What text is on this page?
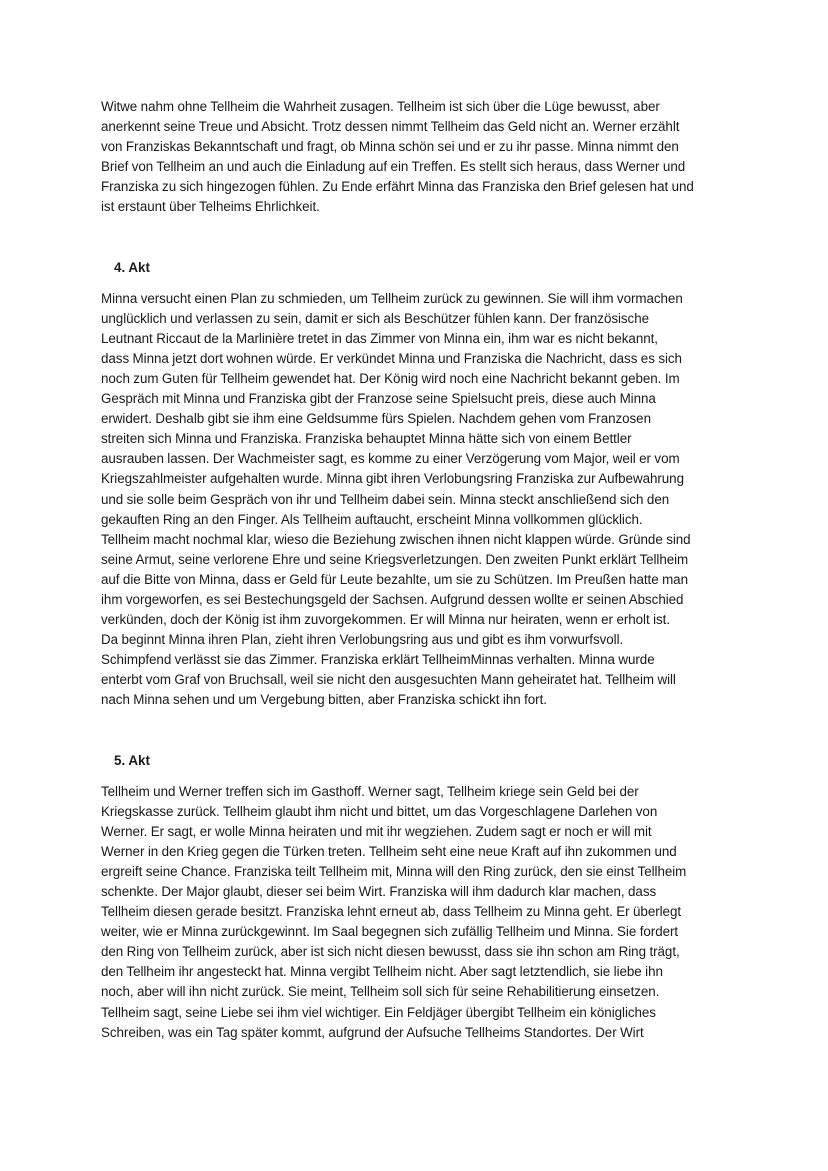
Witwe nahm ohne Tellheim die Wahrheit zusagen. Tellheim ist sich über die Lüge bewusst, aber
anerkennt seine Treue und Absicht. Trotz dessen nimmt Tellheim das Geld nicht an. Werner erzählt
von Franziskas Bekanntschaft und fragt, ob Minna schön sei und er zu ihr passe. Minna nimmt den
Brief von Tellheim an und auch die Einladung auf ein Treffen. Es stellt sich heraus, dass Werner und
Franziska zu sich hingezogen fühlen. Zu Ende erfährt Minna das Franziska den Brief gelesen hat und
ist erstaunt über Telheims Ehrlichkeit.

4. Akt

Minna versucht einen Plan zu schmieden, um Tellheim zurück zu gewinnen. Sie will ihm vormachen
unglücklich und verlassen zu sein, damit er sich als Beschützer fühlen kann. Der französische
Leutnant Riccaut de la Marlinière tretet in das Zimmer von Minna ein, ihm war es nicht bekannt,
dass Minna jetzt dort wohnen würde. Er verkündet Minna und Franziska die Nachricht, dass es sich
noch zum Guten für Tellheim gewendet hat. Der König wird noch eine Nachricht bekannt geben. Im
Gespräch mit Minna und Franziska gibt der Franzose seine Spielsucht preis, diese auch Minna
erwidert. Deshalb gibt sie ihm eine Geldsumme fürs Spielen. Nachdem gehen vom Franzosen
streiten sich Minna und Franziska. Franziska behauptet Minna hätte sich von einem Bettler
ausrauben lassen. Der Wachmeister sagt, es komme zu einer Verzögerung vom Major, weil er vom
Kriegszahlmeister aufgehalten wurde. Minna gibt ihren Verlobungsring Franziska zur Aufbewahrung
und sie solle beim Gespräch von ihr und Tellheim dabei sein. Minna steckt anschließend sich den
gekauften Ring an den Finger. Als Tellheim auftaucht, erscheint Minna vollkommen glücklich.
Tellheim macht nochmal klar, wieso die Beziehung zwischen ihnen nicht klappen würde. Gründe sind
seine Armut, seine verlorene Ehre und seine Kriegsverletzungen. Den zweiten Punkt erklärt Tellheim
auf die Bitte von Minna, dass er Geld für Leute bezahlte, um sie zu Schützen. Im Preußen hatte man
ihm vorgeworfen, es sei Bestechungsgeld der Sachsen. Aufgrund dessen wollte er seinen Abschied
verkünden, doch der König ist ihm zuvorgekommen. Er will Minna nur heiraten, wenn er erholt ist.
Da beginnt Minna ihren Plan, zieht ihren Verlobungsring aus und gibt es ihm vorwurfsvoll.
Schimpfend verlässt sie das Zimmer. Franziska erklärt TellheimMinnas verhalten. Minna wurde
enterbt vom Graf von Bruchsall, weil sie nicht den ausgesuchten Mann geheiratet hat. Tellheim will
nach Minna sehen und um Vergebung bitten, aber Franziska schickt ihn fort.

5. Akt

Tellheim und Werner treffen sich im Gasthoff. Werner sagt, Tellheim kriege sein Geld bei der
Kriegskasse zurück. Tellheim glaubt ihm nicht und bittet, um das Vorgeschlagene Darlehen von
Werner. Er sagt, er wolle Minna heiraten und mit ihr wegziehen. Zudem sagt er noch er will mit
Werner in den Krieg gegen die Türken treten. Tellheim seht eine neue Kraft auf ihn zukommen und
ergreift seine Chance. Franziska teilt Tellheim mit, Minna will den Ring zurück, den sie einst Tellheim
schenkte. Der Major glaubt, dieser sei beim Wirt. Franziska will ihm dadurch klar machen, dass
Tellheim diesen gerade besitzt. Franziska lehnt erneut ab, dass Tellheim zu Minna geht. Er überlegt
weiter, wie er Minna zurückgewinnt. Im Saal begegnen sich zufällig Tellheim und Minna. Sie fordert
den Ring von Tellheim zurück, aber ist sich nicht diesen bewusst, dass sie ihn schon am Ring trägt,
den Tellheim ihr angesteckt hat. Minna vergibt Tellheim nicht. Aber sagt letztendlich, sie liebe ihn
noch, aber will ihn nicht zurück. Sie meint, Tellheim soll sich für seine Rehabilitierung einsetzen.
Tellheim sagt, seine Liebe sei ihm viel wichtiger. Ein Feldjäger übergibt Tellheim ein königliches
Schreiben, was ein Tag später kommt, aufgrund der Aufsuche Tellheims Standortes. Der Wirt
